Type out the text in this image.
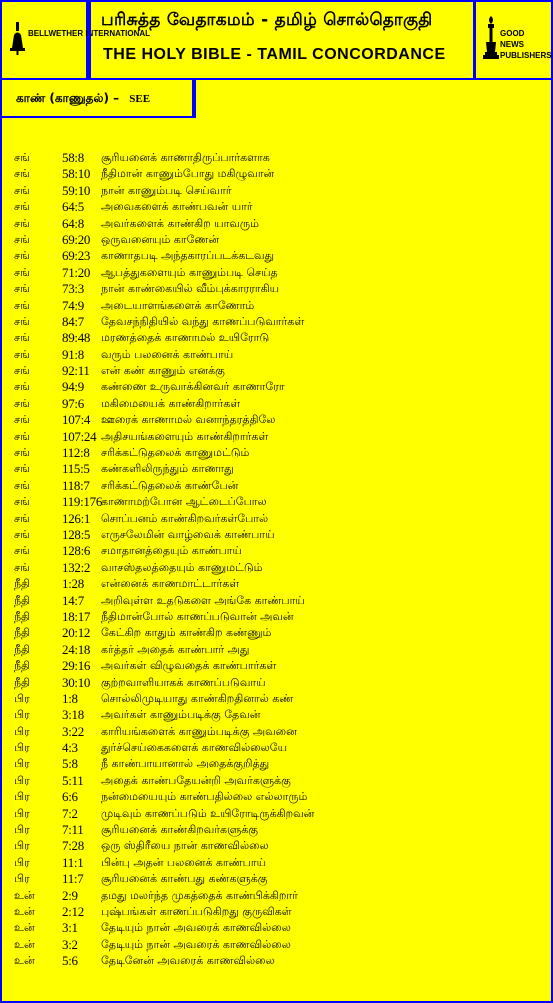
BELLWETHER INTERNATIONAL
பரிசுத்த வேதாகமம் - தமிழ் சொல்தொகுதி
THE HOLY BIBLE - TAMIL CONCORDANCE
GOOD NEWS PUBLISHERS
காண் (காணுதல்) – SEE
சங் 58:8 சூரியனைக் காணாதிருப்பார்களாக
சங் 58:10 நீதிமான் காணும்போது மகிழுவான்
சங் 59:10 நான் காணும்படி செய்வார்
சங் 64:5 அவைகளைக் காண்பவன் யார்
சங் 64:8 அவர்களைக் காண்கிற யாவரும்
சங் 69:20 ஒருவனையும் காணேன்
சங் 69:23 காணாதபடி அந்தகாரப்படக்கடவது
சங் 71:20 ஆபத்துகளையும் காணும்படி செய்த
சங் 73:3 நான் காண்கையில் வீம்புக்காரராகிய
சங் 74:9 அடையாளங்களைக் காணோம்
சங் 84:7 தேவசந்நிதியில் வந்து காணப்படுவார்கள்
சங் 89:48 மரணத்தைக் காணாமல் உயிரோடு
சங் 91:8 வரும் பலனைக் காண்பாய்
சங் 92:11 என் கண் காணும் எனக்கு
சங் 94:9 கண்ணை உருவாக்கினவர் காணாரோ
சங் 97:6 மகிமையைக் காண்கிறார்கள்
சங் 107:4 ஊரைக் காணாமல் வனாந்தரத்திலே
சங் 107:24 அதிசயங்களையும் காண்கிறார்கள்
சங் 112:8 சரிக்கட்டுதலைக் காணுமட்டும்
சங் 115:5 கண்களிலிருந்தும் காணாது
சங் 118:7 சரிக்கட்டுதலைக் காண்பேன்
சங் 119:176
காணாமற்போன ஆட்டைப்போல
சங் 126:1 சொப்பனம் காண்கிறவர்கள்போல்
சங் 128:5 எருசலேமின் வாழ்வைக் காண்பாய்
சங் 128:6 சமாதானத்தையும் காண்பாய்
சங் 132:2 வாசஸ்தலத்தையும் காணுமட்டும்
நீதி 1:28 என்னைக் காணமாட்டார்கள்
நீதி 14:7 அறிவுள்ள உதடுகளை அங்கே காண்பாய்
நீதி 18:17 நீதிமான்போல் காணப்படுவான் அவன்
நீதி 20:12 கேட்கிற காதும் காண்கிற கண்ணும்
நீதி 24:18 கர்த்தர் அதைக் காண்பார் அது
நீதி 29:16 அவர்கள் விழுவதைக் காண்பார்கள்
நீதி 30:10 குற்றவாளியாகக் காணப்படுவாய்
பிர 1:8 சொல்லிமுடியாது காண்கிறதினால் கண்
பிர 3:18 அவர்கள் காணும்படிக்கு தேவன்
பிர 3:22 காரியங்களைக் காணும்படிக்கு அவனை
பிர 4:3 துர்ச்செய்கைகளைக் காணவில்லையே
பிர 5:8 நீ காண்பாயானால் அதைக்குறித்து
பிர 5:11 அதைக் காண்பதேயன்றி அவர்களுக்கு
பிர 6:6 நன்மையையும் காண்பதில்லை எல்லாரும்
பிர 7:2 முடிவும் காணப்படும் உயிரோடிருக்கிறவன்
பிர 7:11 சூரியனைக் காண்கிறவர்களுக்கு
பிர 7:28 ஒரு ஸ்திரீயை நான் காணவில்லை
பிர 11:1 பின்பு அதன் பலனைக் காண்பாய்
பிர 11:7 சூரியனைக் காண்பது கண்களுக்கு
உன் 2:9 தமது மலர்ந்த முகத்தைக் காண்பிக்கிறார்
உன் 2:12 புஷ்பங்கள் காணப்படுகிறது குருவிகள்
உன் 3:1 தேடியும் நான் அவரைக் காணவில்லை
உன் 3:2 தேடியும் நான் அவரைக் காணவில்லை
உன் 5:6 தேடினேன் அவரைக் காணவில்லை
